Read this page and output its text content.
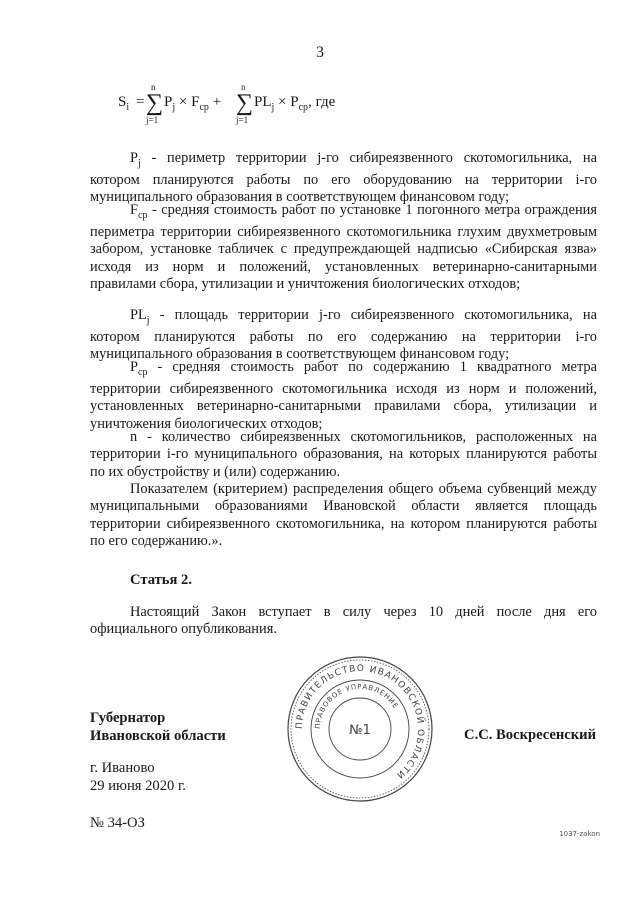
3
$S_i$ =
n
∑
j=1
$P_j \times F_{ср}$ +
n
∑
j=1
$PL_j \times P_{ср}$, где

$P_j$ - периметр территории j-го сибиреязвенного скотомогильника, на котором планируются работы по его оборудованию на территории i-го муниципального образования в соответствующем финансовом году;

$F_{ср}$ - средняя стоимость работ по установке 1 погонного метра ограждения периметра территории сибиреязвенного скотомогильника глухим двухметровым забором, установке табличек с предупреждающей надписью «Сибирская язва» исходя из норм и положений, установленных ветеринарно-санитарными правилами сбора, утилизации и уничтожения биологических отходов;

$PL_j$ - площадь территории j-го сибиреязвенного скотомогильника, на котором планируются работы по его содержанию на территории i-го муниципального образования в соответствующем финансовом году;

$P_{ср}$ - средняя стоимость работ по содержанию 1 квадратного метра территории сибиреязвенного скотомогильника исходя из норм и положений, установленных ветеринарно-санитарными правилами сбора, утилизации и уничтожения биологических отходов;

n - количество сибиреязвенных скотомогильников, расположенных на территории i-го муниципального образования, на которых планируются работы по их обустройству и (или) содержанию.

Показателем (критерием) распределения общего объема субвенций между муниципальными образованиями Ивановской области является площадь территории сибиреязвенного скотомогильника, на котором планируются работы по его содержанию.».

Статья 2.

Настоящий Закон вступает в силу через 10 дней после дня его официального опубликования.

ПРАВИТЕЛЬСТВО ИВАНОВСКОЙ ОБЛАСТИ
ПРАВОВОЕ УПРАВЛЕНИЕ
№1
Губернатор
Ивановской области	С.С. Воскресенский
г. Иваново
29 июня 2020 г.
№ 34-ОЗ
1037-zakon
